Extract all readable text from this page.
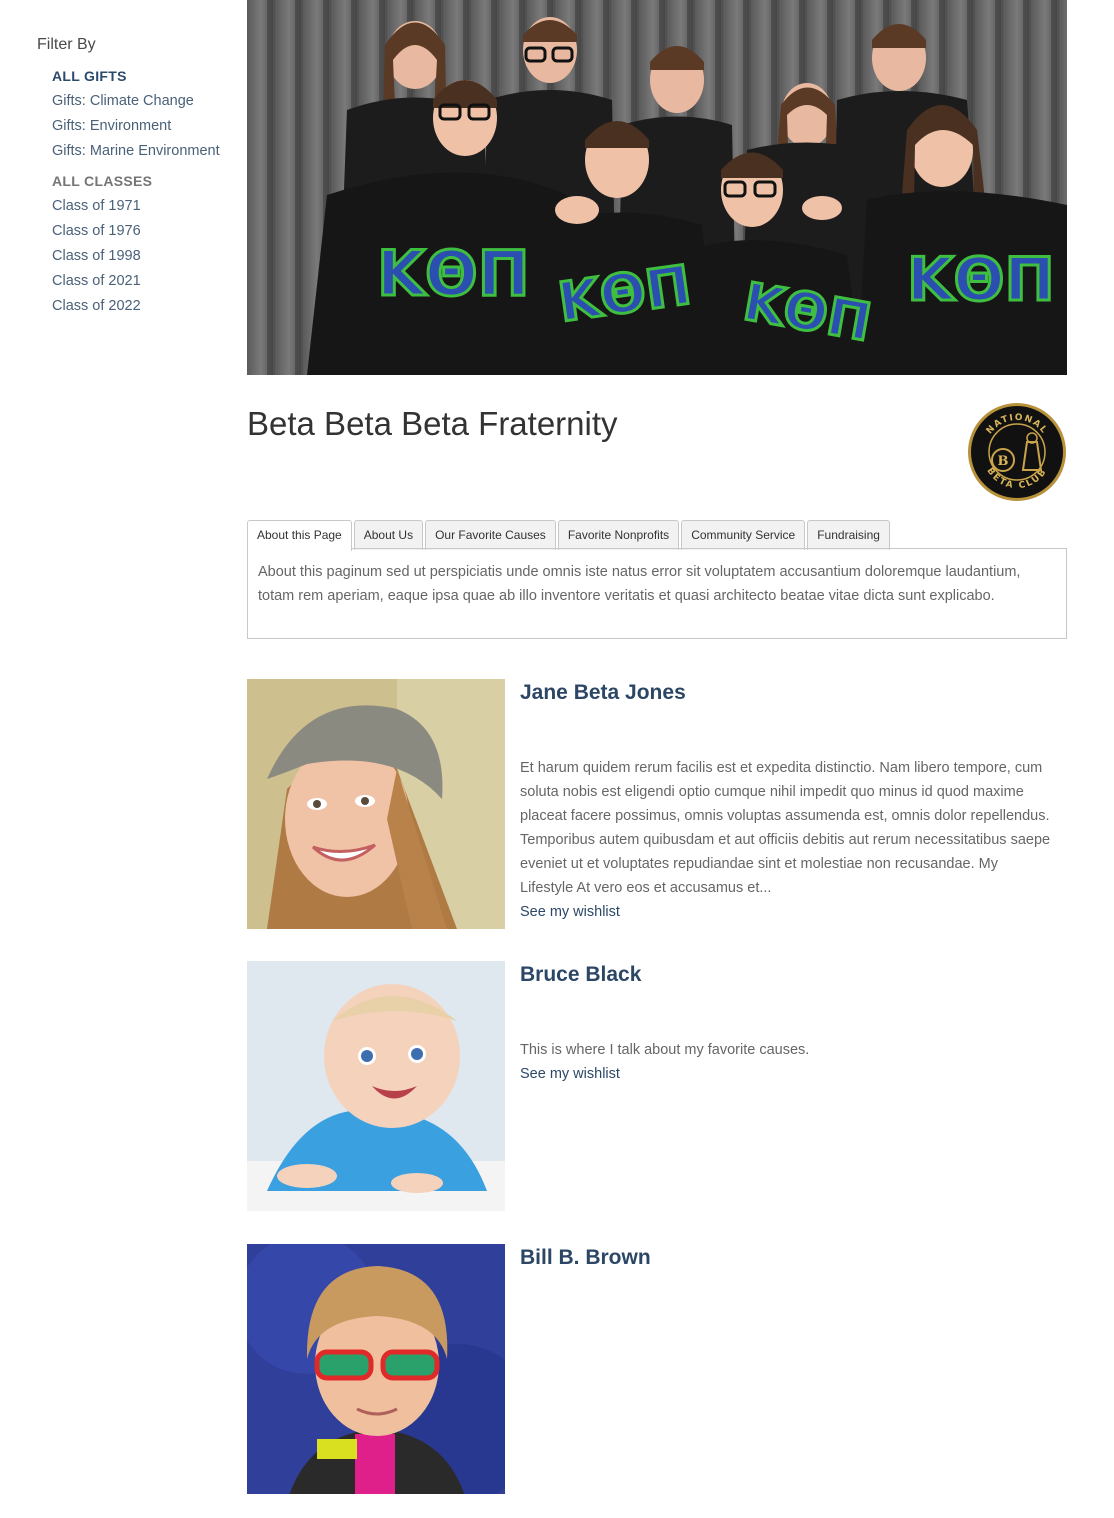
Filter By
ALL GIFTS
Gifts: Climate Change
Gifts: Environment
Gifts: Marine Environment
ALL CLASSES
Class of 1971
Class of 1976
Class of 1998
Class of 2021
Class of 2022	ΚΘΠ ΚΘΠ ΚΘΠ ΚΘΠ
Beta Beta Beta Fraternity	NATIONAL
BETA CLUB
B
About this Page	About Us	Our Favorite Causes	Favorite Nonprofits	Community Service	Fundraising
About this paginum sed ut perspiciatis unde omnis iste natus error sit voluptatem accusantium doloremque laudantium, totam rem aperiam, eaque ipsa quae ab illo inventore veritatis et quasi architecto beatae vitae dicta sunt explicabo.
Jane Beta Jones
Et harum quidem rerum facilis est et expedita distinctio. Nam libero tempore, cum soluta nobis est eligendi optio cumque nihil impedit quo minus id quod maxime placeat facere possimus, omnis voluptas assumenda est, omnis dolor repellendus. Temporibus autem quibusdam et aut officiis debitis aut rerum necessitatibus saepe eveniet ut et voluptates repudiandae sint et molestiae non recusandae. My Lifestyle At vero eos et accusamus et...
See my wishlist
Bruce Black
This is where I talk about my favorite causes.
See my wishlist
Bill B. Brown
